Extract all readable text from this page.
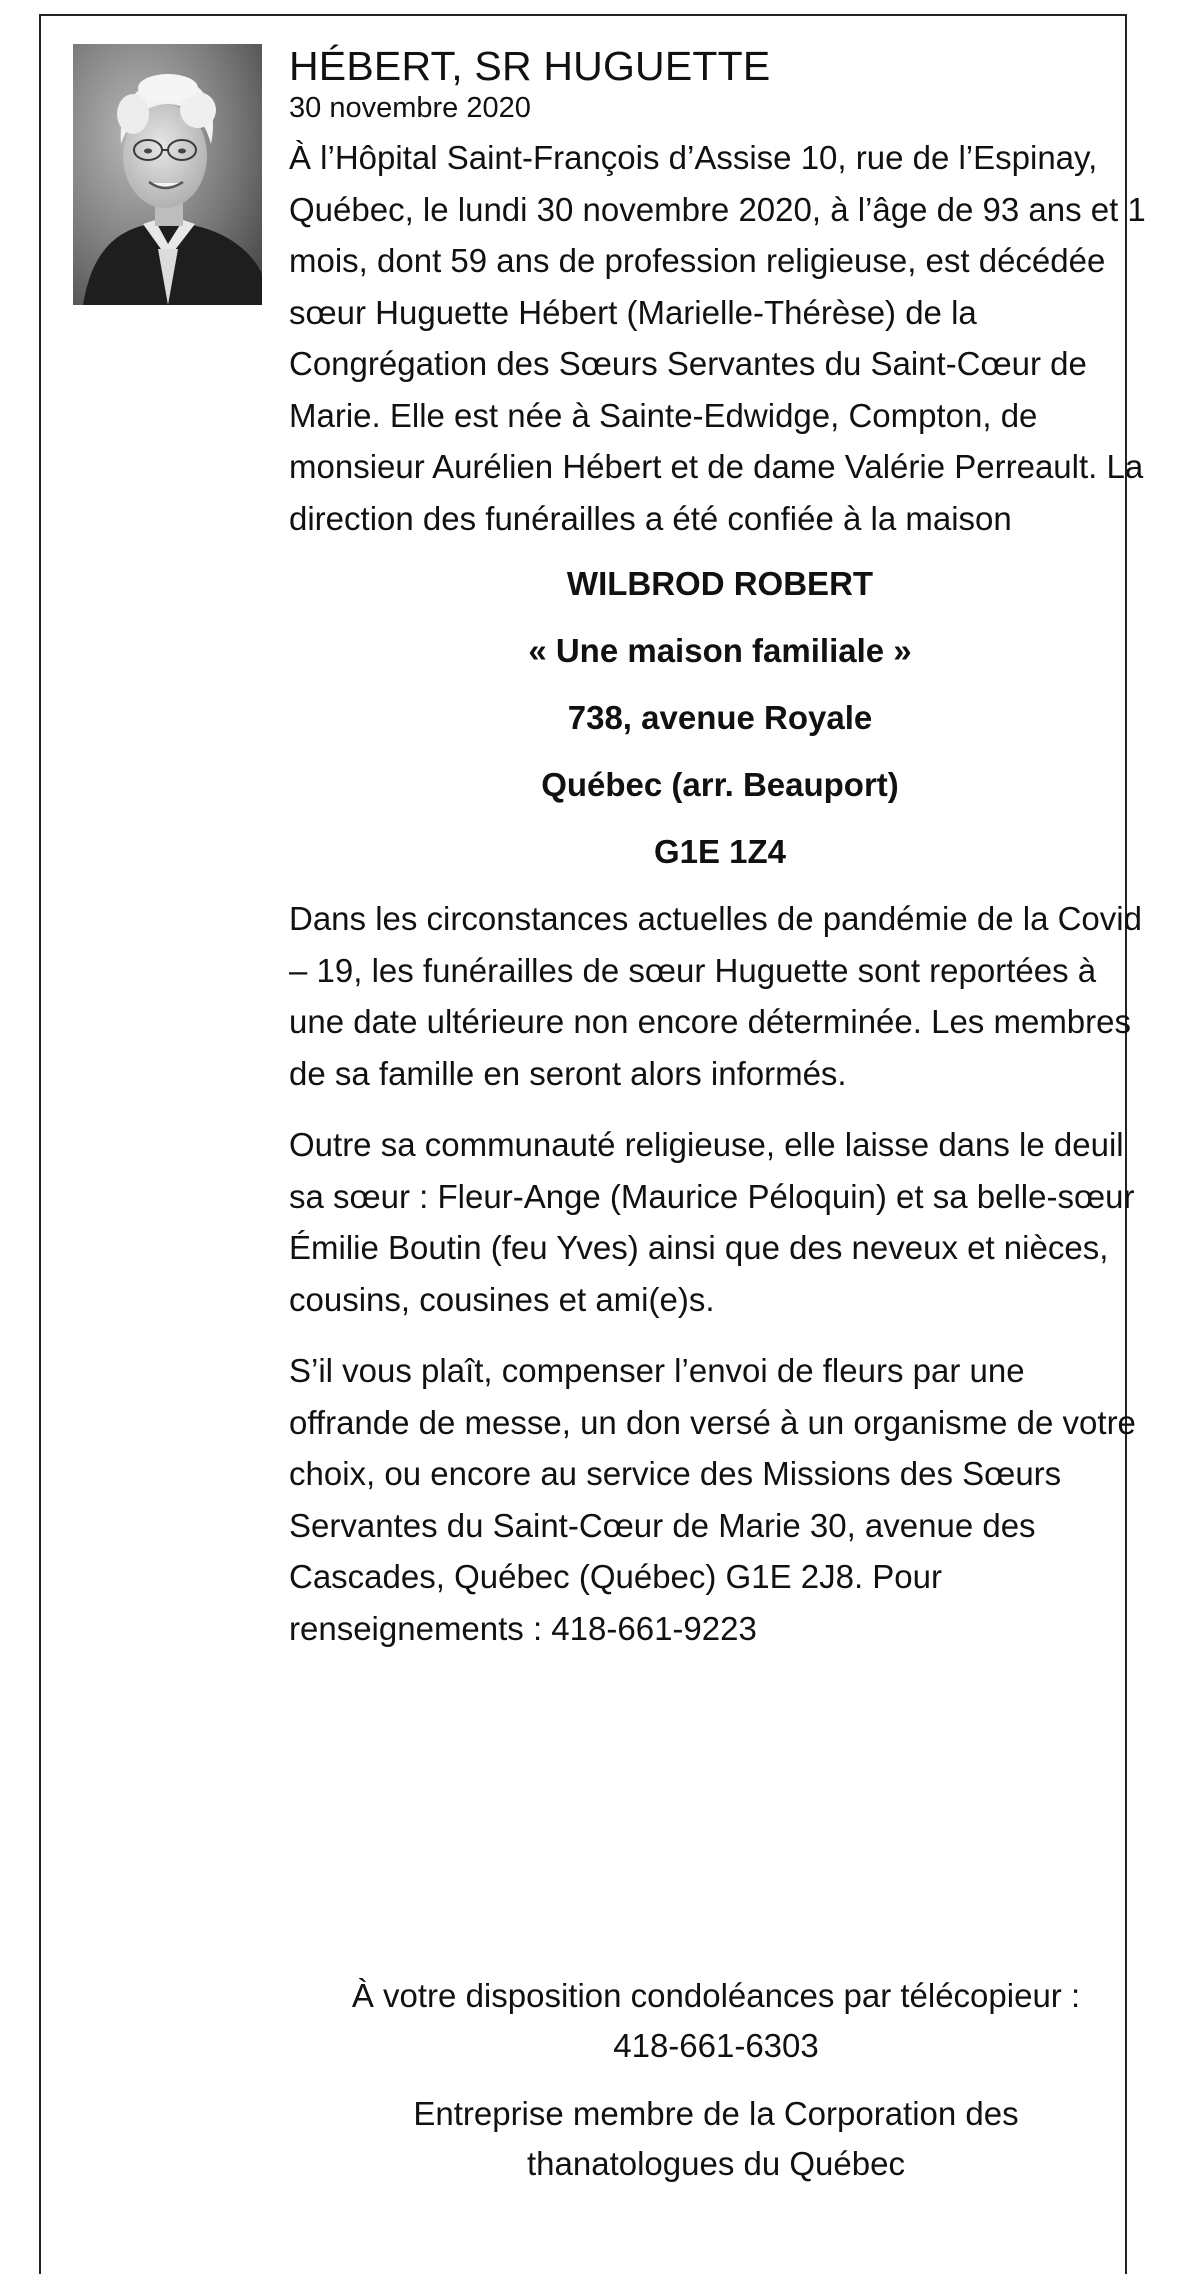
HÉBERT, SR HUGUETTE
30 novembre 2020

À l’Hôpital Saint-François d’Assise 10, rue de l’Espinay, Québec, le lundi 30 novembre 2020, à l’âge de 93 ans et 1 mois, dont 59 ans de profession religieuse, est décédée sœur Huguette Hébert (Marielle-Thérèse) de la Congrégation des Sœurs Servantes du Saint-Cœur de Marie. Elle est née à Sainte-Edwidge, Compton, de monsieur Aurélien Hébert et de dame Valérie Perreault. La direction des funérailles a été confiée à la maison

WILBROD ROBERT
« Une maison familiale »
738, avenue Royale
Québec (arr. Beauport)
G1E 1Z4

Dans les circonstances actuelles de pandémie de la Covid – 19, les funérailles de sœur Huguette sont reportées à une date ultérieure non encore déterminée. Les membres de sa famille en seront alors informés.

Outre sa communauté religieuse, elle laisse dans le deuil sa sœur : Fleur-Ange (Maurice Péloquin) et sa belle-sœur Émilie Boutin (feu Yves) ainsi que des neveux et nièces, cousins, cousines et ami(e)s.

S’il vous plaît, compenser l’envoi de fleurs par une offrande de messe, un don versé à un organisme de votre choix, ou encore au service des Missions des Sœurs Servantes du Saint-Cœur de Marie 30, avenue des Cascades, Québec (Québec) G1E 2J8. Pour renseignements : 418-661-9223

À votre disposition condoléances par télécopieur :
418-661-6303
Entreprise membre de la Corporation des
thanatologues du Québec
